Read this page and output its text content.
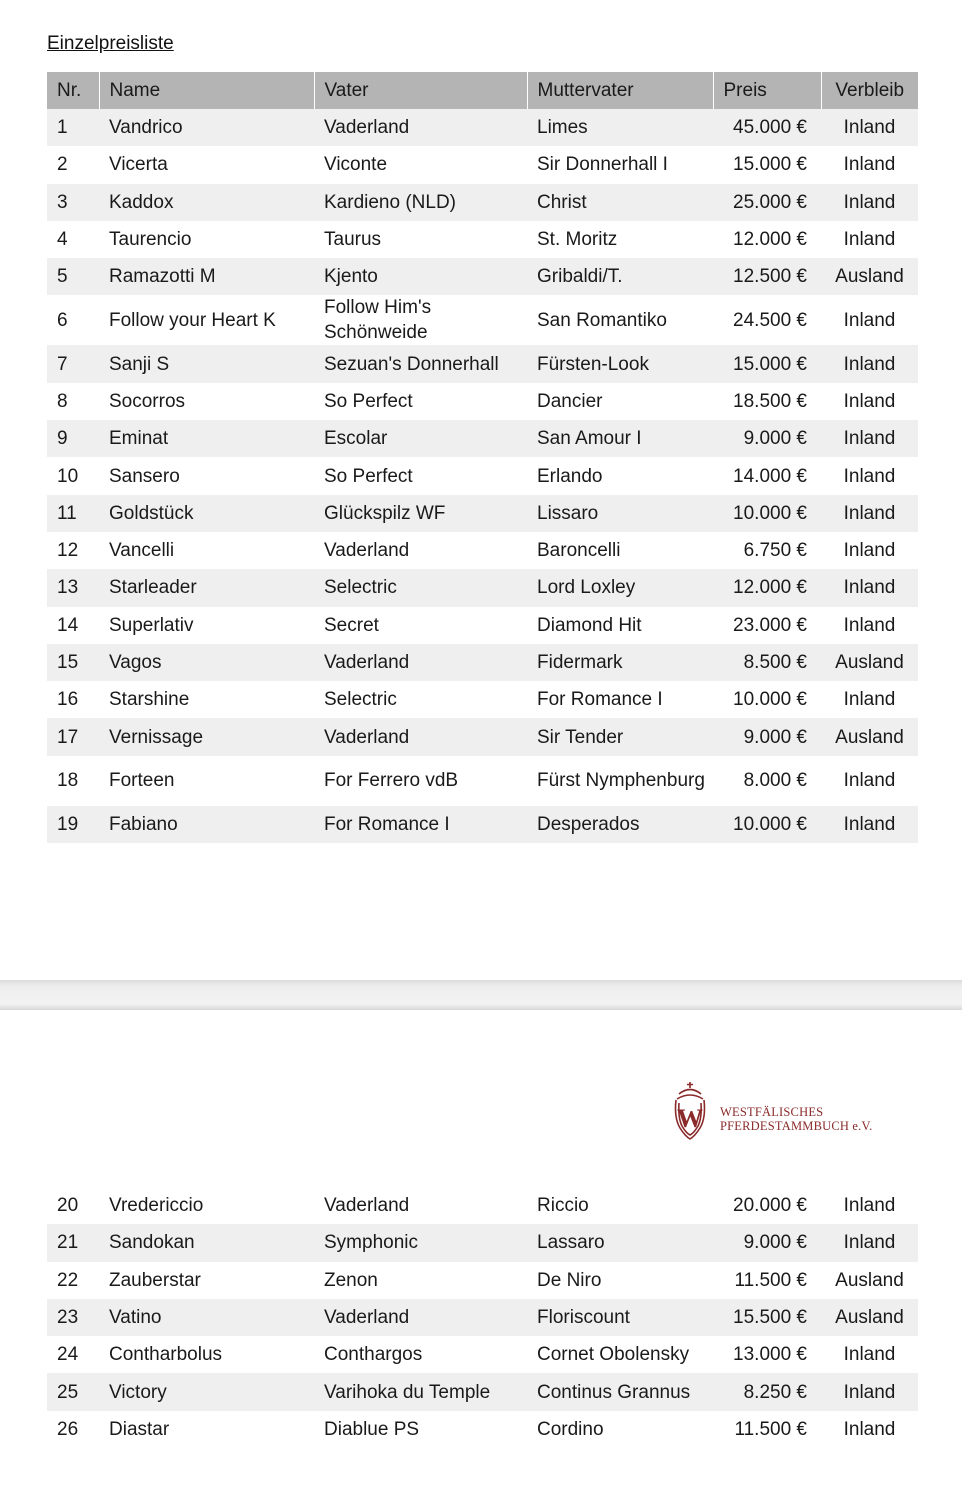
Einzelpreisliste
Nr.	Name	Vater	Muttervater	Preis	Verbleib
1	Vandrico	Vaderland	Limes	45.000 €	Inland
2	Vicerta	Viconte	Sir Donnerhall I	15.000 €	Inland
3	Kaddox	Kardieno (NLD)	Christ	25.000 €	Inland
4	Taurencio	Taurus	St. Moritz	12.000 €	Inland
5	Ramazotti M	Kjento	Gribaldi/T.	12.500 €	Ausland
6	Follow your Heart K	Follow Him's Schönweide	San Romantiko	24.500 €	Inland
7	Sanji S	Sezuan's Donnerhall	Fürsten-Look	15.000 €	Inland
8	Socorros	So Perfect	Dancier	18.500 €	Inland
9	Eminat	Escolar	San Amour I	9.000 €	Inland
10	Sansero	So Perfect	Erlando	14.000 €	Inland
11	Goldstück	Glückspilz WF	Lissaro	10.000 €	Inland
12	Vancelli	Vaderland	Baroncelli	6.750 €	Inland
13	Starleader	Selectric	Lord Loxley	12.000 €	Inland
14	Superlativ	Secret	Diamond Hit	23.000 €	Inland
15	Vagos	Vaderland	Fidermark	8.500 €	Ausland
16	Starshine	Selectric	For Romance I	10.000 €	Inland
17	Vernissage	Vaderland	Sir Tender	9.000 €	Ausland
18	Forteen	For Ferrero vdB	Fürst Nymphenburg	8.000 €	Inland
19	Fabiano	For Romance I	Desperados	10.000 €	Inland
W WESTFÄLISCHES
PFERDESTAMMBUCH e.V.
20	Vredericcio	Vaderland	Riccio	20.000 €	Inland
21	Sandokan	Symphonic	Lassaro	9.000 €	Inland
22	Zauberstar	Zenon	De Niro	11.500 €	Ausland
23	Vatino	Vaderland	Floriscount	15.500 €	Ausland
24	Contharbolus	Conthargos	Cornet Obolensky	13.000 €	Inland
25	Victory	Varihoka du Temple	Continus Grannus	8.250 €	Inland
26	Diastar	Diablue PS	Cordino	11.500 €	Inland
